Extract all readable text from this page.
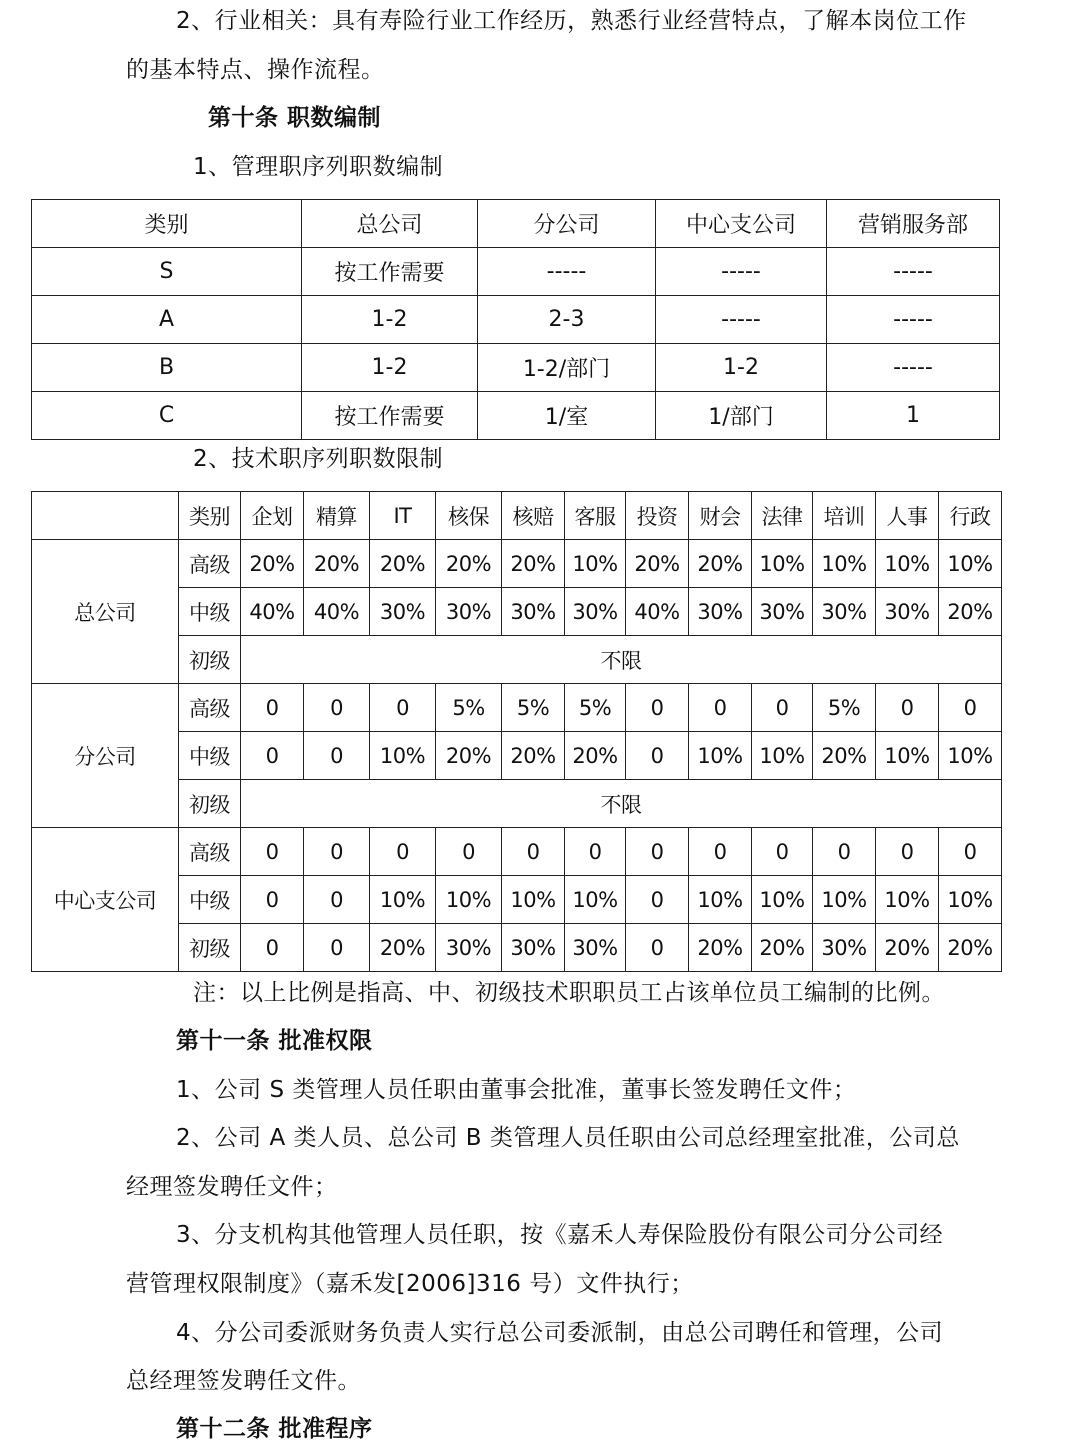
2、行业相关：具有寿险行业工作经历，熟悉行业经营特点，了解本岗位工作
的基本特点、操作流程。
第十条 职数编制
1、管理职序列职数编制
类别	总公司	分公司	中心支公司	营销服务部
S	按工作需要	-----	-----	-----
A	1-2	2-3	-----	-----
B	1-2	1-2/部门	1-2	-----
C	按工作需要	1/室	1/部门	1
2、技术职序列职数限制
	类别	企划	精算	IT	核保	核赔	客服	投资	财会	法律	培训	人事	行政
总公司	高级	20%	20%	20%	20%	20%	10%	20%	20%	10%	10%	10%	10%
	中级	40%	40%	30%	30%	30%	30%	40%	30%	30%	30%	30%	20%
	初级	不限											
分公司	高级	0	0	0	5%	5%	5%	0	0	0	5%	0	0
	中级	0	0	10%	20%	20%	20%	0	10%	10%	20%	10%	10%
	初级	不限											
中心支公司	高级	0	0	0	0	0	0	0	0	0	0	0	0
	中级	0	0	10%	10%	10%	10%	0	10%	10%	10%	10%	10%
	初级	0	0	20%	30%	30%	30%	0	20%	20%	30%	20%	20%
注：以上比例是指高、中、初级技术职职员工占该单位员工编制的比例。
第十一条 批准权限
1、公司 S 类管理人员任职由董事会批准，董事长签发聘任文件；
2、公司 A 类人员、总公司 B 类管理人员任职由公司总经理室批准，公司总
经理签发聘任文件；
3、分支机构其他管理人员任职，按《嘉禾人寿保险股份有限公司分公司经
营管理权限制度》（嘉禾发[2006]316 号）文件执行；
4、分公司委派财务负责人实行总公司委派制，由总公司聘任和管理，公司
总经理签发聘任文件。
第十二条 批准程序
